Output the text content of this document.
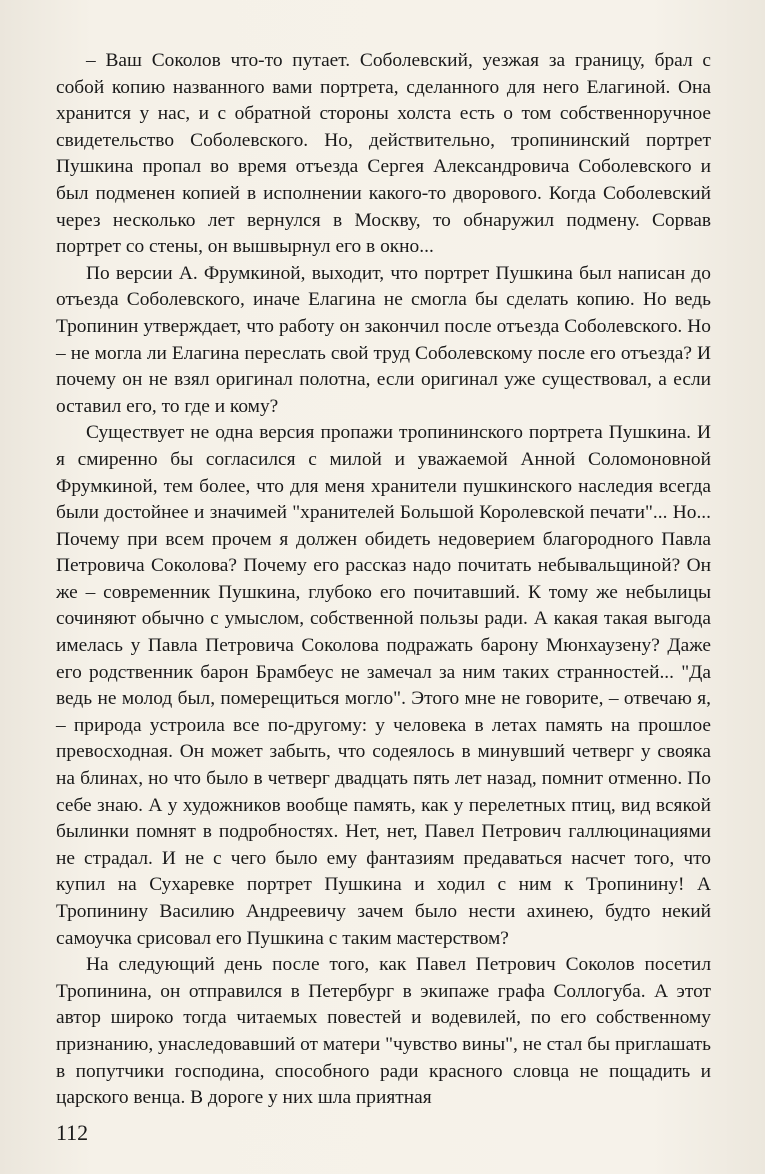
– Ваш Соколов что-то путает. Соболевский, уезжая за границу, брал с собой копию названного вами портрета, сделанного для него Елагиной. Она хранится у нас, и с обратной стороны холста есть о том собственноручное свидетельство Соболевского. Но, действительно, тропининский портрет Пушкина пропал во время отъезда Сергея Александровича Соболевского и был подменен копией в исполнении какого-то дворового. Когда Соболевский через несколько лет вернулся в Москву, то обнаружил подмену. Сорвав портрет со стены, он вышвырнул его в окно...

По версии А. Фрумкиной, выходит, что портрет Пушкина был написан до отъезда Соболевского, иначе Елагина не смогла бы сделать копию. Но ведь Тропинин утверждает, что работу он закончил после отъезда Соболевского. Но – не могла ли Елагина переслать свой труд Соболевскому после его отъезда? И почему он не взял оригинал полотна, если оригинал уже существовал, а если оставил его, то где и кому?

Существует не одна версия пропажи тропининского портрета Пушкина. И я смиренно бы согласился с милой и уважаемой Анной Соломоновной Фрумкиной, тем более, что для меня хранители пушкинского наследия всегда были достойнее и значимей "хранителей Большой Королевской печати"... Но... Почему при всем прочем я должен обидеть недоверием благородного Павла Петровича Соколова? Почему его рассказ надо почитать небывальщиной? Он же – современник Пушкина, глубоко его почитавший. К тому же небылицы сочиняют обычно с умыслом, собственной пользы ради. А какая такая выгода имелась у Павла Петровича Соколова подражать барону Мюнхаузену? Даже его родственник барон Брамбеус не замечал за ним таких странностей... "Да ведь не молод был, померещиться могло". Этого мне не говорите, – отвечаю я, – природа устроила все по-другому: у человека в летах память на прошлое превосходная. Он может забыть, что содеялось в минувший четверг у свояка на блинах, но что было в четверг двадцать пять лет назад, помнит отменно. По себе знаю. А у художников вообще память, как у перелетных птиц, вид всякой былинки помнят в подробностях. Нет, нет, Павел Петрович галлюцинациями не страдал. И не с чего было ему фантазиям предаваться насчет того, что купил на Сухаревке портрет Пушкина и ходил с ним к Тропинину! А Тропинину Василию Андреевичу зачем было нести ахинею, будто некий самоучка срисовал его Пушкина с таким мастерством?

На следующий день после того, как Павел Петрович Соколов посетил Тропинина, он отправился в Петербург в экипаже графа Соллогуба. А этот автор широко тогда читаемых повестей и водевилей, по его собственному признанию, унаследовавший от матери "чувство вины", не стал бы приглашать в попутчики господина, способного ради красного словца не пощадить и царского венца. В дороге у них шла приятная

112
